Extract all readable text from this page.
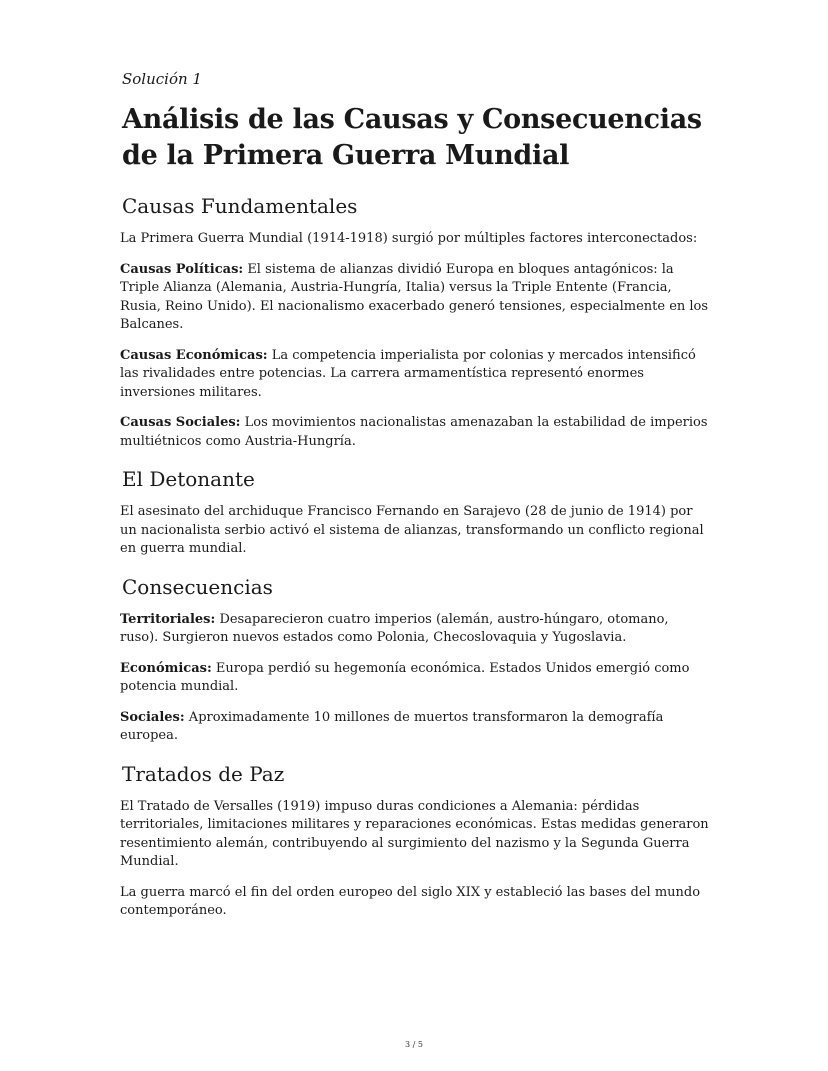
Solución 1
Análisis de las Causas y Consecuencias de la Primera Guerra Mundial
Causas Fundamentales

La Primera Guerra Mundial (1914-1918) surgió por múltiples factores interconectados:

Causas Políticas: El sistema de alianzas dividió Europa en bloques antagónicos: la Triple Alianza (Alemania, Austria-Hungría, Italia) versus la Triple Entente (Francia, Rusia, Reino Unido). El nacionalismo exacerbado generó tensiones, especialmente en los Balcanes.

Causas Económicas: La competencia imperialista por colonias y mercados intensificó las rivalidades entre potencias. La carrera armamentística representó enormes inversiones militares.

Causas Sociales: Los movimientos nacionalistas amenazaban la estabilidad de imperios multiétnicos como Austria-Hungría.

El Detonante

El asesinato del archiduque Francisco Fernando en Sarajevo (28 de junio de 1914) por un nacionalista serbio activó el sistema de alianzas, transformando un conflicto regional en guerra mundial.

Consecuencias

Territoriales: Desaparecieron cuatro imperios (alemán, austro-húngaro, otomano, ruso). Surgieron nuevos estados como Polonia, Checoslovaquia y Yugoslavia.

Económicas: Europa perdió su hegemonía económica. Estados Unidos emergió como potencia mundial.

Sociales: Aproximadamente 10 millones de muertos transformaron la demografía europea.

Tratados de Paz

El Tratado de Versalles (1919) impuso duras condiciones a Alemania: pérdidas territoriales, limitaciones militares y reparaciones económicas. Estas medidas generaron resentimiento alemán, contribuyendo al surgimiento del nazismo y la Segunda Guerra Mundial.

La guerra marcó el fin del orden europeo del siglo XIX y estableció las bases del mundo contemporáneo.

3 / 5
